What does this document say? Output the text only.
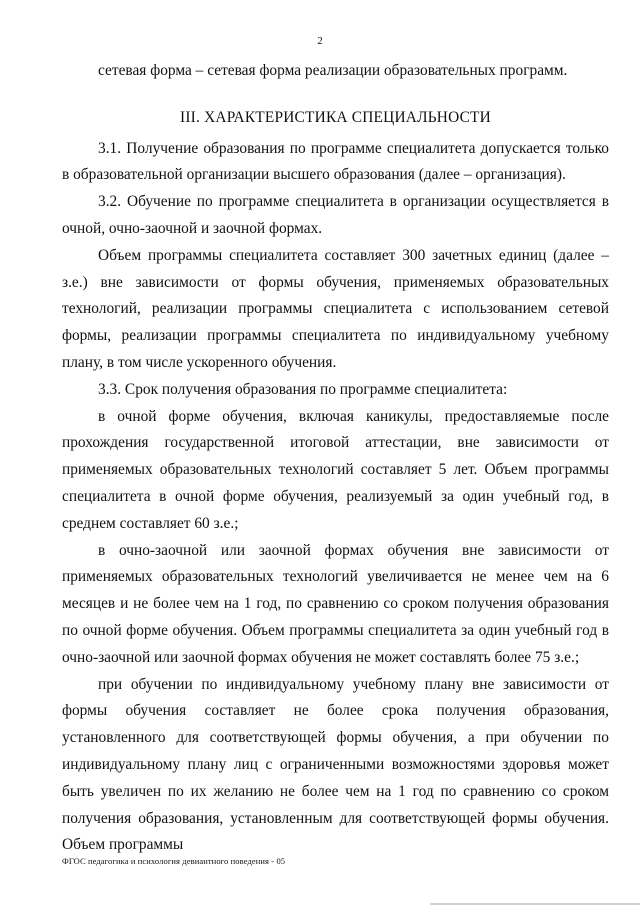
2

сетевая форма – сетевая форма реализации образовательных программ.

III. ХАРАКТЕРИСТИКА СПЕЦИАЛЬНОСТИ

3.1. Получение образования по программе специалитета допускается только в образовательной организации высшего образования (далее – организация).

3.2. Обучение по программе специалитета в организации осуществляется в очной, очно-заочной и заочной формах.

Объем программы специалитета составляет 300 зачетных единиц (далее – з.е.) вне зависимости от формы обучения, применяемых образовательных технологий, реализации программы специалитета с использованием сетевой формы, реализации программы специалитета по индивидуальному учебному плану, в том числе ускоренного обучения.

3.3. Срок получения образования по программе специалитета:

в очной форме обучения, включая каникулы, предоставляемые после прохождения государственной итоговой аттестации, вне зависимости от применяемых образовательных технологий составляет 5 лет. Объем программы специалитета в очной форме обучения, реализуемый за один учебный год, в среднем составляет 60 з.е.;

в очно-заочной или заочной формах обучения вне зависимости от применяемых образовательных технологий увеличивается не менее чем на 6 месяцев и не более чем на 1 год, по сравнению со сроком получения образования по очной форме обучения. Объем программы специалитета за один учебный год в очно-заочной или заочной формах обучения не может составлять более 75 з.е.;

при обучении по индивидуальному учебному плану вне зависимости от формы обучения составляет не более срока получения образования, установленного для соответствующей формы обучения, а при обучении по индивидуальному плану лиц с ограниченными возможностями здоровья может быть увеличен по их желанию не более чем на 1 год по сравнению со сроком получения образования, установленным для соответствующей формы обучения. Объем программы

ФГОС педагогика и психология девиантного поведения - 05
